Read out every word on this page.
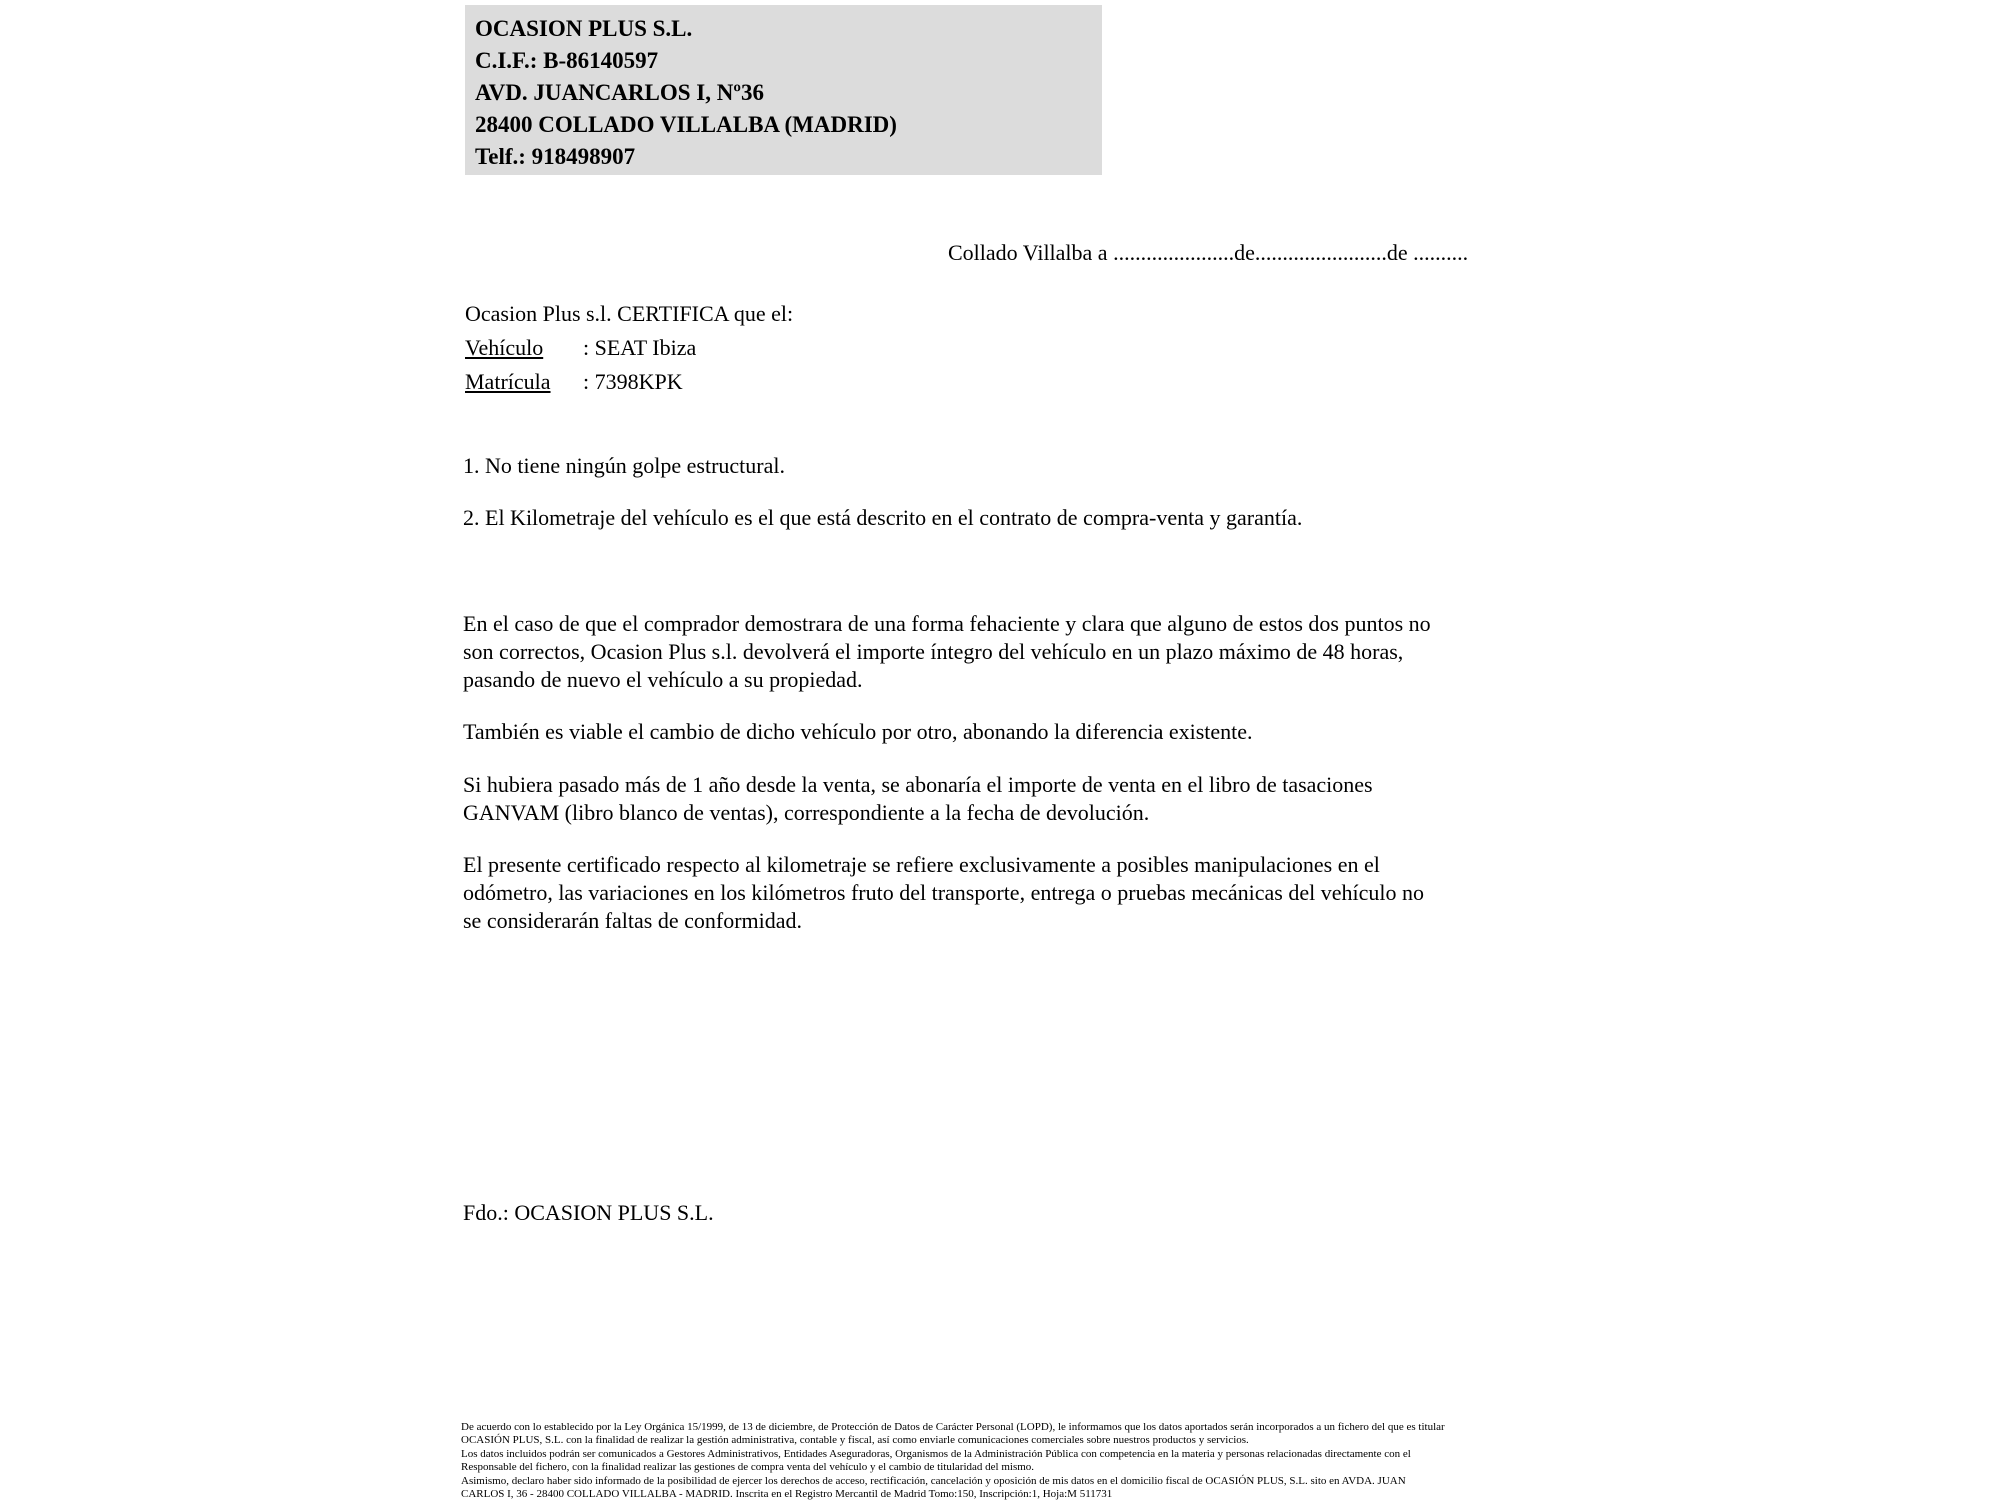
OCASION PLUS S.L.
C.I.F.: B-86140597
AVD. JUANCARLOS I, Nº36
28400 COLLADO VILLALBA (MADRID)
Telf.: 918498907
Collado Villalba a ......................de........................de ..........
Ocasion Plus s.l. CERTIFICA que el:
Vehículo : SEAT Ibiza
Matrícula : 7398KPK
1. No tiene ningún golpe estructural.
2. El Kilometraje del vehículo es el que está descrito en el contrato de compra-venta y garantía.
En el caso de que el comprador demostrara de una forma fehaciente y clara que alguno de estos dos puntos no
son correctos, Ocasion Plus s.l. devolverá el importe íntegro del vehículo en un plazo máximo de 48 horas,
pasando de nuevo el vehículo a su propiedad.
También es viable el cambio de dicho vehículo por otro, abonando la diferencia existente.
Si hubiera pasado más de 1 año desde la venta, se abonaría el importe de venta en el libro de tasaciones
GANVAM (libro blanco de ventas), correspondiente a la fecha de devolución.
El presente certificado respecto al kilometraje se refiere exclusivamente a posibles manipulaciones en el
odómetro, las variaciones en los kilómetros fruto del transporte, entrega o pruebas mecánicas del vehículo no
se considerarán faltas de conformidad.
Fdo.: OCASION PLUS S.L.
De acuerdo con lo establecido por la Ley Orgánica 15/1999, de 13 de diciembre, de Protección de Datos de Carácter Personal (LOPD), le informamos que los datos aportados serán incorporados a un fichero del que es titular
OCASIÓN PLUS, S.L. con la finalidad de realizar la gestión administrativa, contable y fiscal, así como enviarle comunicaciones comerciales sobre nuestros productos y servicios.
Los datos incluidos podrán ser comunicados a Gestores Administrativos, Entidades Aseguradoras, Organismos de la Administración Pública con competencia en la materia y personas relacionadas directamente con el
Responsable del fichero, con la finalidad realizar las gestiones de compra venta del vehículo y el cambio de titularidad del mismo.
Asimismo, declaro haber sido informado de la posibilidad de ejercer los derechos de acceso, rectificación, cancelación y oposición de mis datos en el domicilio fiscal de OCASIÓN PLUS, S.L. sito en AVDA. JUAN
CARLOS I, 36 - 28400 COLLADO VILLALBA - MADRID. Inscrita en el Registro Mercantil de Madrid Tomo:150, Inscripción:1, Hoja:M 511731
